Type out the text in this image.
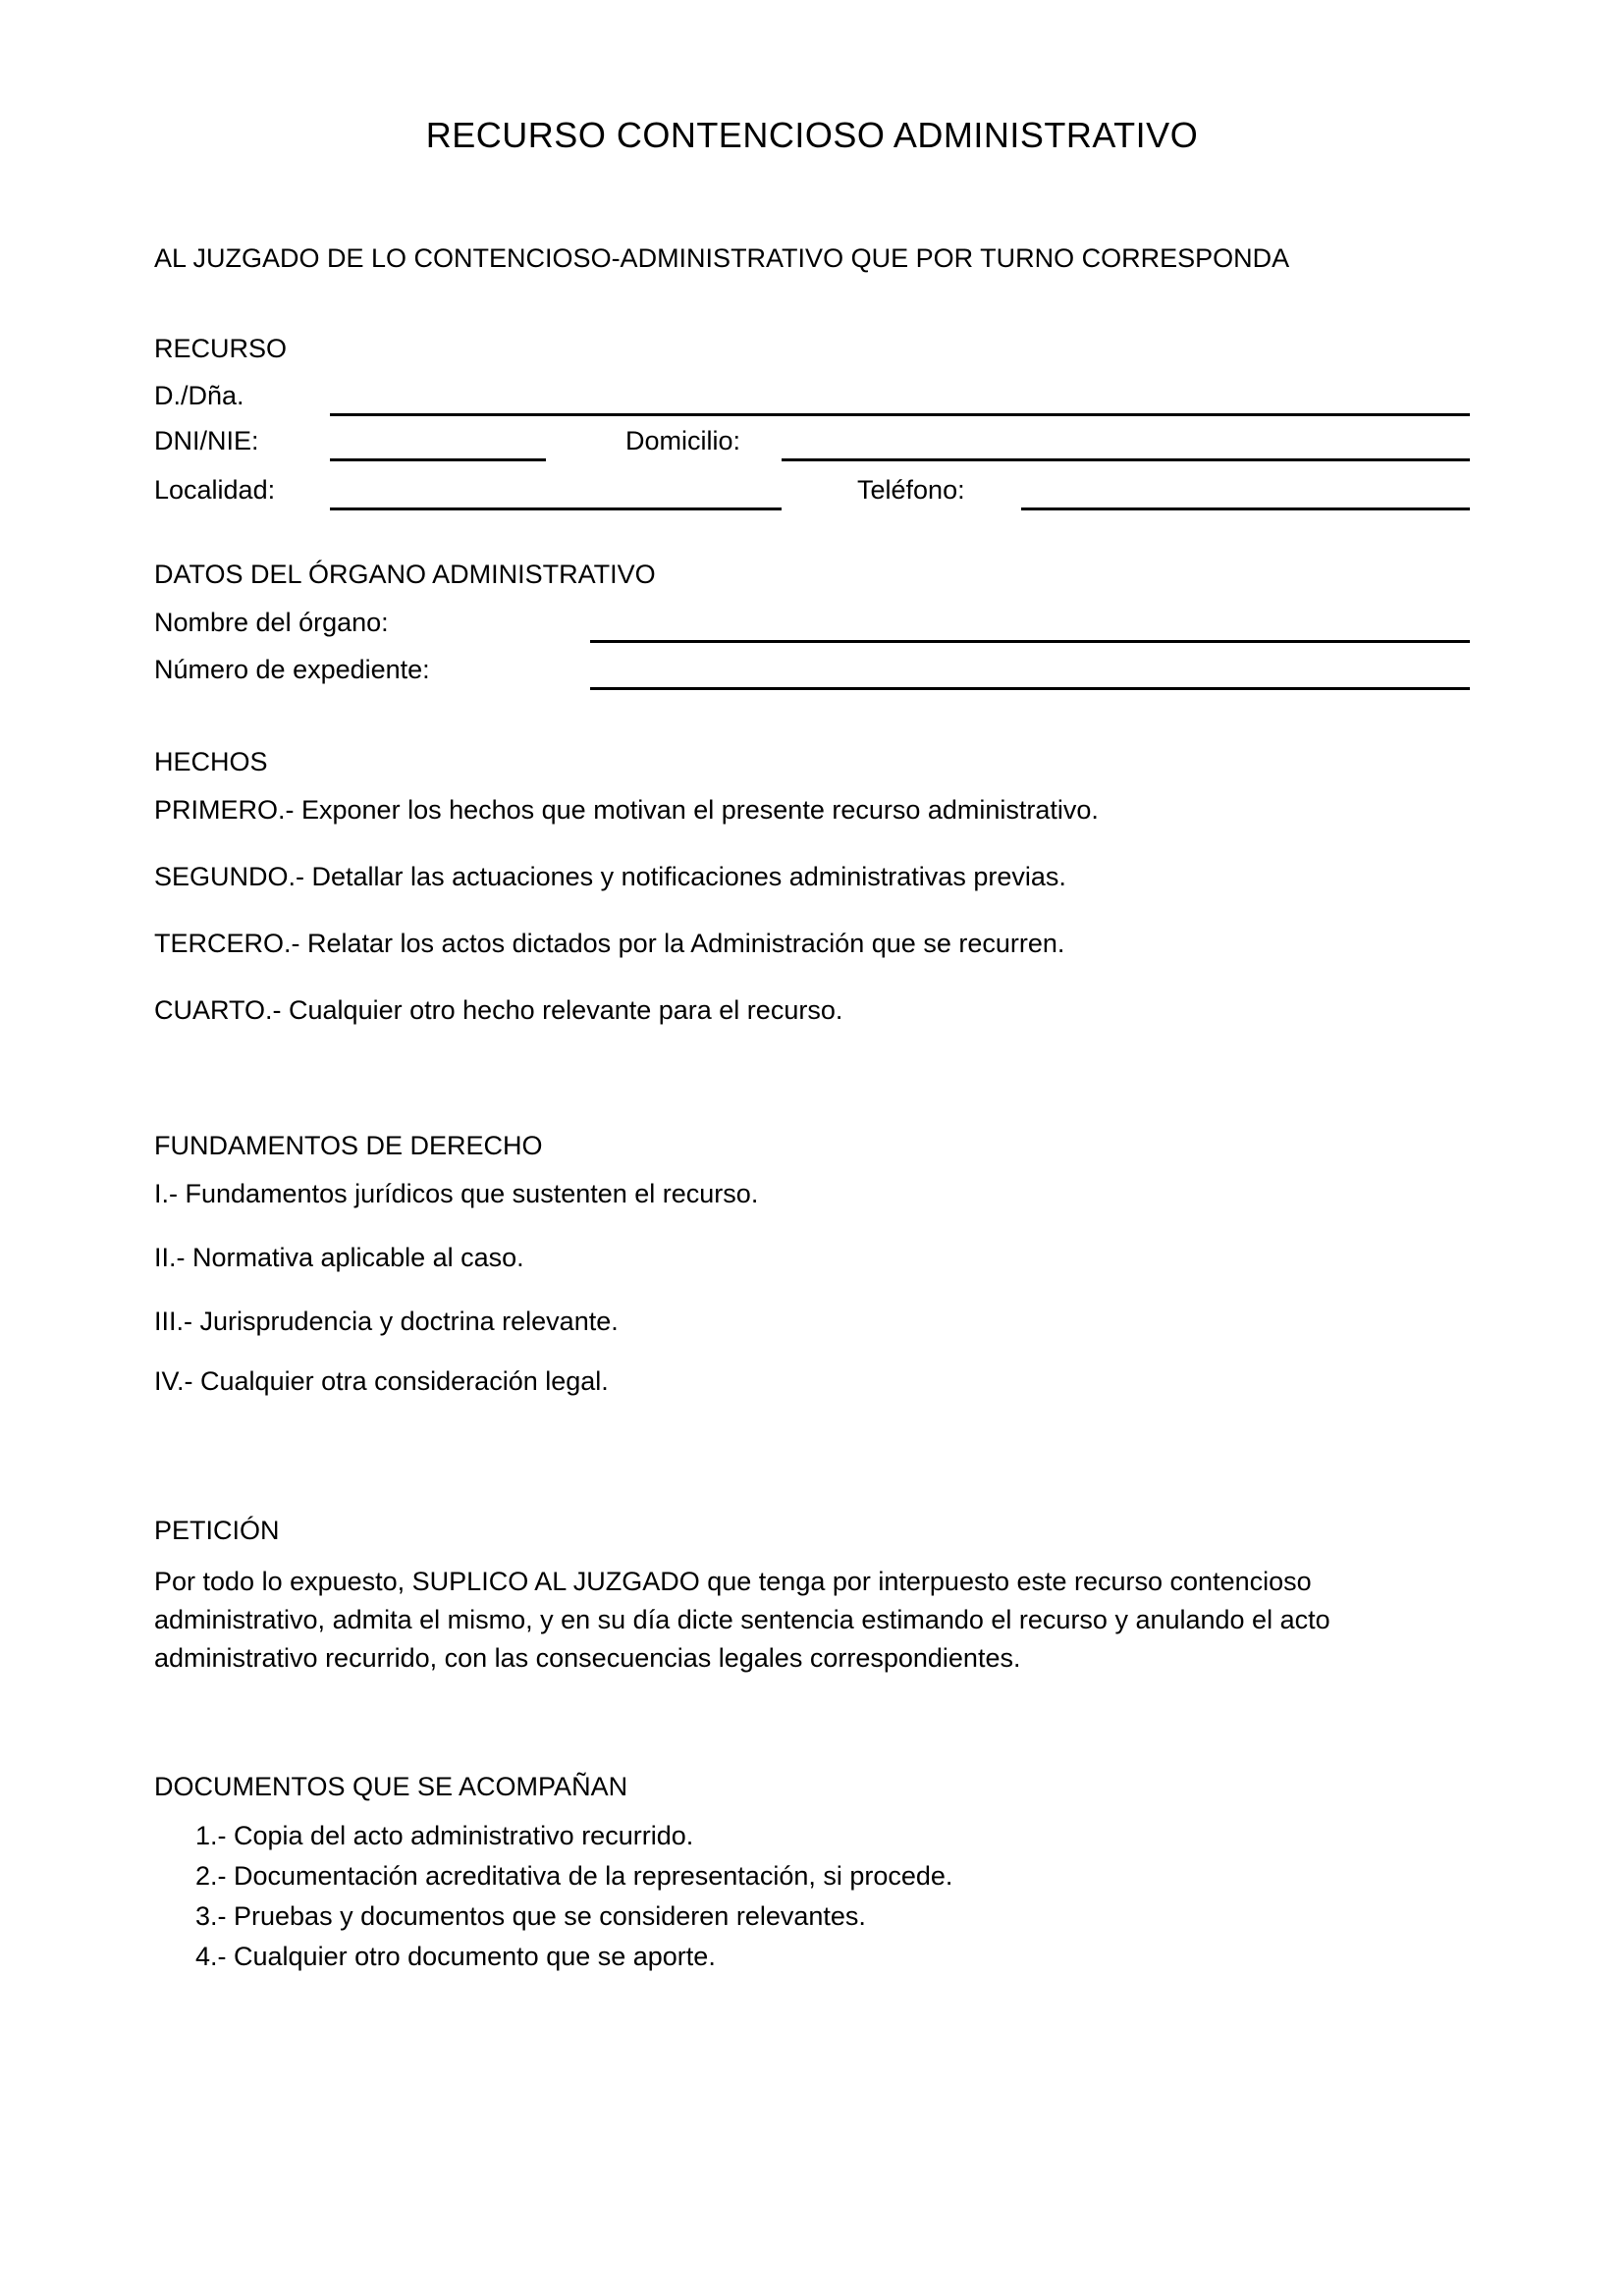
RECURSO CONTENCIOSO ADMINISTRATIVO

AL JUZGADO DE LO CONTENCIOSO-ADMINISTRATIVO QUE POR TURNO CORRESPONDA

RECURSO
D./Dña.
DNI/NIE:	Domicilio:
Localidad:	Teléfono:
DATOS DEL ÓRGANO ADMINISTRATIVO
Nombre del órgano:
Número de expediente:
HECHOS

PRIMERO.- Exponer los hechos que motivan el presente recurso administrativo.

SEGUNDO.- Detallar las actuaciones y notificaciones administrativas previas.

TERCERO.- Relatar los actos dictados por la Administración que se recurren.

CUARTO.- Cualquier otro hecho relevante para el recurso.

FUNDAMENTOS DE DERECHO

I.- Fundamentos jurídicos que sustenten el recurso.

II.- Normativa aplicable al caso.

III.- Jurisprudencia y doctrina relevante.

IV.- Cualquier otra consideración legal.

PETICIÓN

Por todo lo expuesto, SUPLICO AL JUZGADO que tenga por interpuesto este recurso contencioso administrativo, admita el mismo, y en su día dicte sentencia estimando el recurso y anulando el acto administrativo recurrido, con las consecuencias legales correspondientes.

DOCUMENTOS QUE SE ACOMPAÑAN
1.- Copia del acto administrativo recurrido.
2.- Documentación acreditativa de la representación, si procede.
3.- Pruebas y documentos que se consideren relevantes.
4.- Cualquier otro documento que se aporte.
